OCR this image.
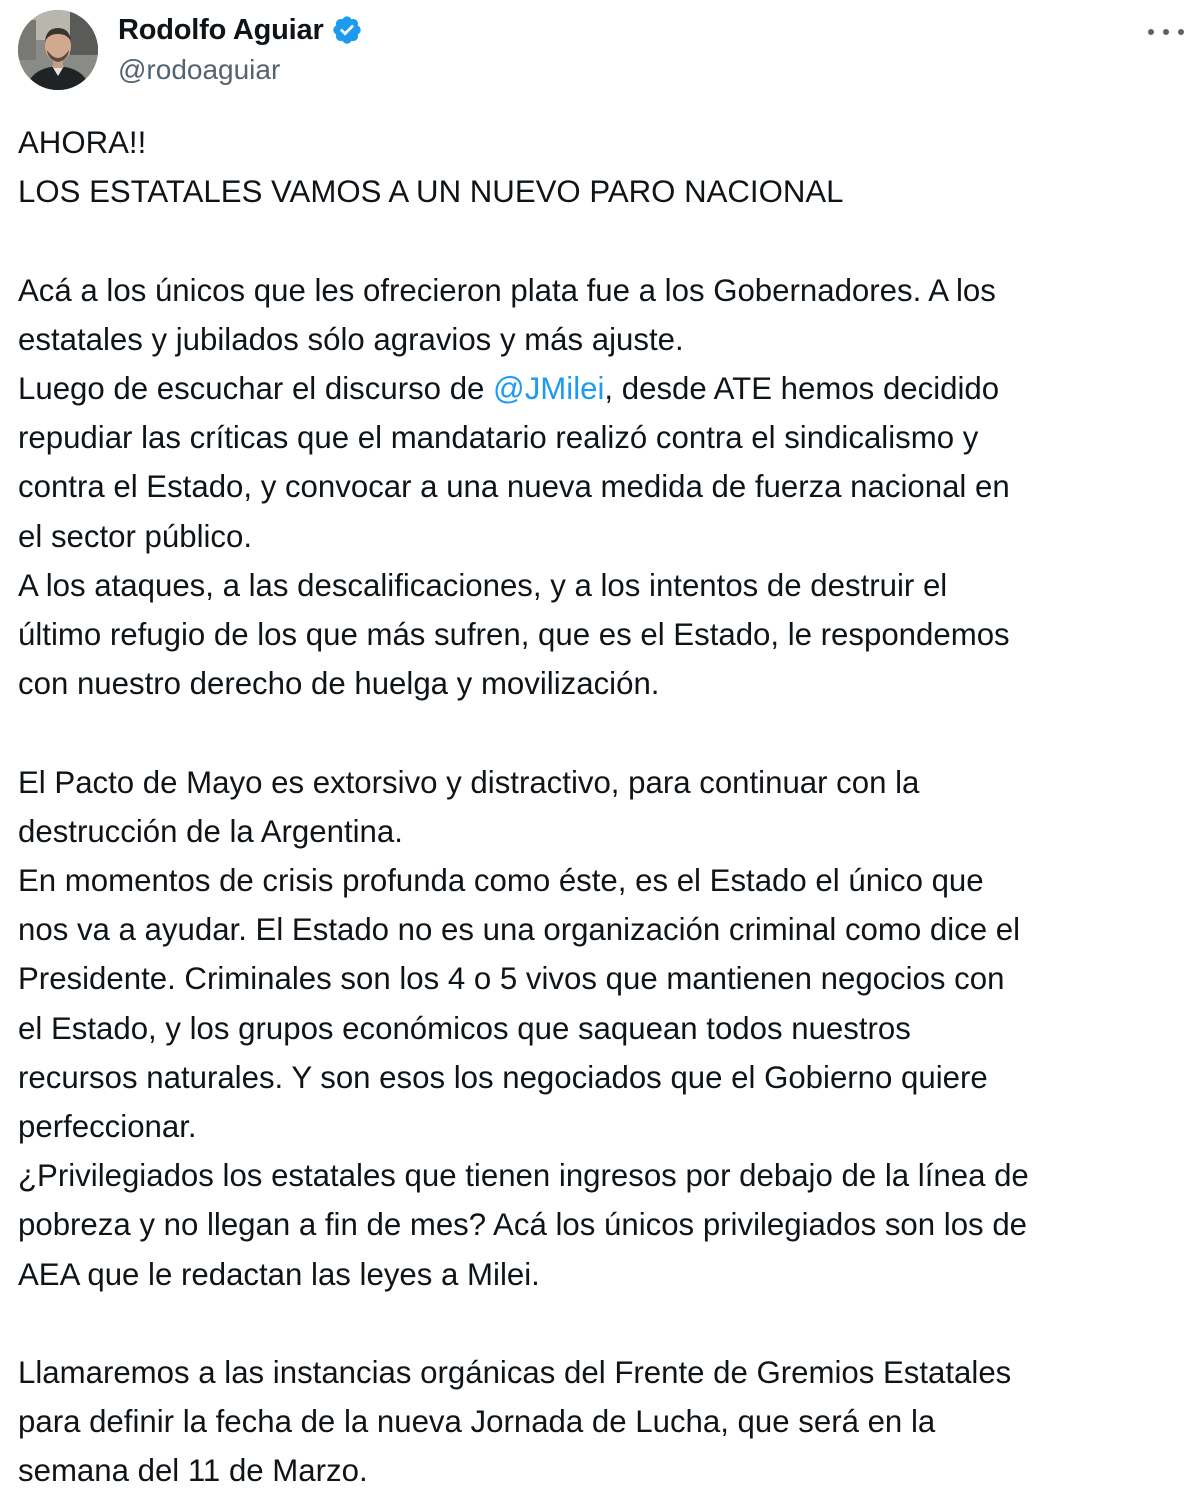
Rodolfo Aguiar
@rodoaguiar

AHORA!!

LOS ESTATALES VAMOS A UN NUEVO PARO NACIONAL

Acá a los únicos que les ofrecieron plata fue a los Gobernadores. A los

estatales y jubilados sólo agravios y más ajuste.

Luego de escuchar el discurso de @JMilei, desde ATE hemos decidido

repudiar las críticas que el mandatario realizó contra el sindicalismo y

contra el Estado, y convocar a una nueva medida de fuerza nacional en

el sector público.

A los ataques, a las descalificaciones, y a los intentos de destruir el

último refugio de los que más sufren, que es el Estado, le respondemos

con nuestro derecho de huelga y movilización.

El Pacto de Mayo es extorsivo y distractivo, para continuar con la

destrucción de la Argentina.

En momentos de crisis profunda como éste, es el Estado el único que

nos va a ayudar. El Estado no es una organización criminal como dice el

Presidente. Criminales son los 4 o 5 vivos que mantienen negocios con

el Estado, y los grupos económicos que saquean todos nuestros

recursos naturales. Y son esos los negociados que el Gobierno quiere

perfeccionar.

¿Privilegiados los estatales que tienen ingresos por debajo de la línea de

pobreza y no llegan a fin de mes? Acá los únicos privilegiados son los de

AEA que le redactan las leyes a Milei.

Llamaremos a las instancias orgánicas del Frente de Gremios Estatales

para definir la fecha de la nueva Jornada de Lucha, que será en la

semana del 11 de Marzo.
